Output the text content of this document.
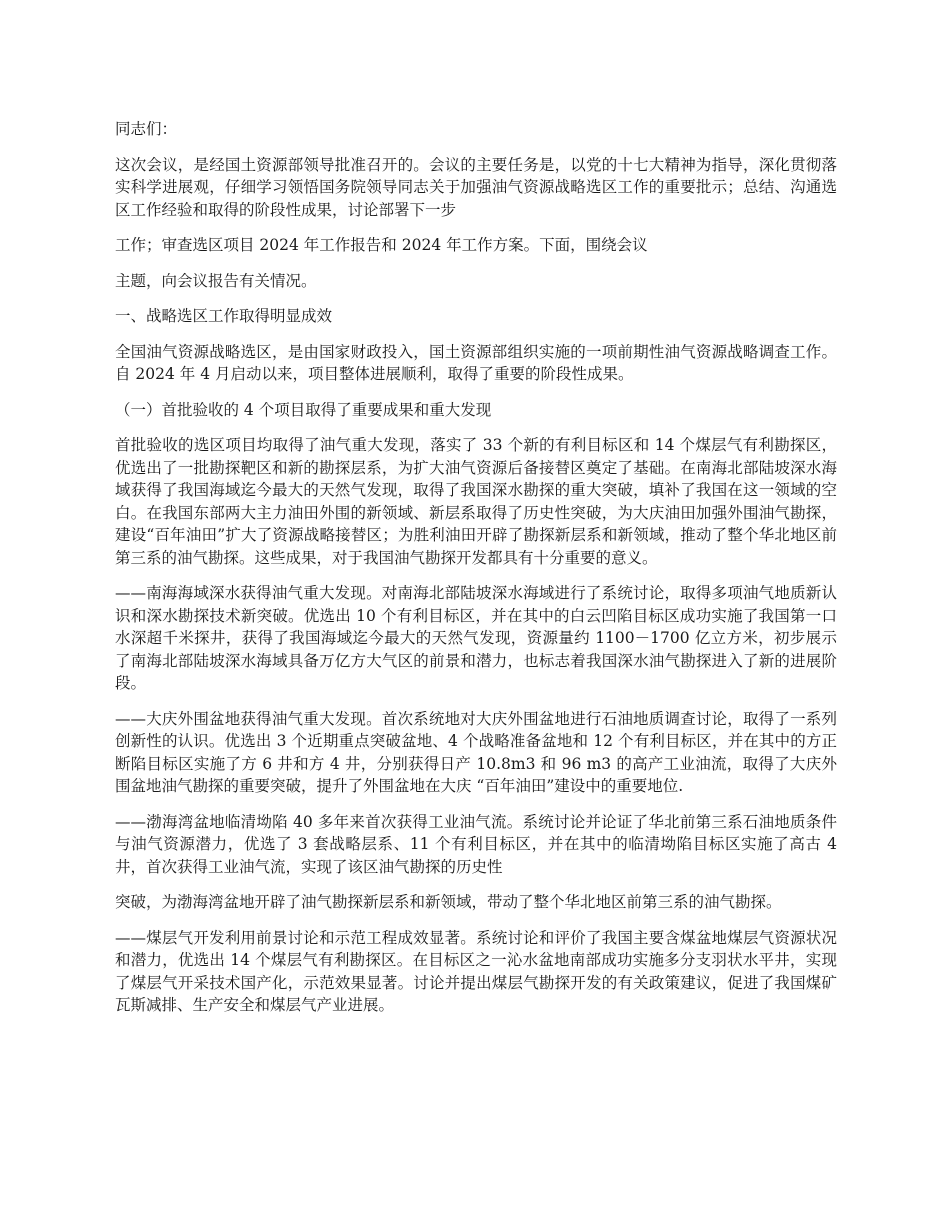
同志们：

这次会议，是经国土资源部领导批准召开的。会议的主要任务是，以党的十七大精神为指导，深化贯彻落实科学进展观，仔细学习领悟国务院领导同志关于加强油气资源战略选区工作的重要批示；总结、沟通选区工作经验和取得的阶段性成果，讨论部署下一步

工作；审查选区项目 2024 年工作报告和 2024 年工作方案。下面，围绕会议

主题，向会议报告有关情况。

一、战略选区工作取得明显成效

全国油气资源战略选区，是由国家财政投入，国土资源部组织实施的一项前期性油气资源战略调查工作。自 2024 年 4 月启动以来，项目整体进展顺利，取得了重要的阶段性成果。

（一）首批验收的 4 个项目取得了重要成果和重大发现

首批验收的选区项目均取得了油气重大发现，落实了 33 个新的有利目标区和 14 个煤层气有利勘探区，优选出了一批勘探靶区和新的勘探层系，为扩大油气资源后备接替区奠定了基础。在南海北部陆坡深水海域获得了我国海域迄今最大的天然气发现，取得了我国深水勘探的重大突破，填补了我国在这一领域的空白。在我国东部两大主力油田外围的新领域、新层系取得了历史性突破，为大庆油田加强外围油气勘探，建设“百年油田”扩大了资源战略接替区；为胜利油田开辟了勘探新层系和新领域，推动了整个华北地区前第三系的油气勘探。这些成果，对于我国油气勘探开发都具有十分重要的意义。

——南海海域深水获得油气重大发现。对南海北部陆坡深水海域进行了系统讨论，取得多项油气地质新认识和深水勘探技术新突破。优选出 10 个有利目标区，并在其中的白云凹陷目标区成功实施了我国第一口水深超千米探井，获得了我国海域迄今最大的天然气发现，资源量约 1100－1700 亿立方米，初步展示了南海北部陆坡深水海域具备万亿方大气区的前景和潜力，也标志着我国深水油气勘探进入了新的进展阶段。

——大庆外围盆地获得油气重大发现。首次系统地对大庆外围盆地进行石油地质调查讨论，取得了一系列创新性的认识。优选出 3 个近期重点突破盆地、4 个战略准备盆地和 12 个有利目标区，并在其中的方正断陷目标区实施了方 6 井和方 4 井，分别获得日产 10.8m3 和 96 m3 的高产工业油流，取得了大庆外围盆地油气勘探的重要突破，提升了外围盆地在大庆 “百年油田”建设中的重要地位.

——渤海湾盆地临清坳陷 40 多年来首次获得工业油气流。系统讨论并论证了华北前第三系石油地质条件与油气资源潜力，优选了 3 套战略层系、11 个有利目标区，并在其中的临清坳陷目标区实施了高古 4 井，首次获得工业油气流，实现了该区油气勘探的历史性

突破，为渤海湾盆地开辟了油气勘探新层系和新领域，带动了整个华北地区前第三系的油气勘探。

——煤层气开发利用前景讨论和示范工程成效显著。系统讨论和评价了我国主要含煤盆地煤层气资源状况和潜力，优选出 14 个煤层气有利勘探区。在目标区之一沁水盆地南部成功实施多分支羽状水平井，实现了煤层气开采技术国产化，示范效果显著。讨论并提出煤层气勘探开发的有关政策建议，促进了我国煤矿瓦斯减排、生产安全和煤层气产业进展。
